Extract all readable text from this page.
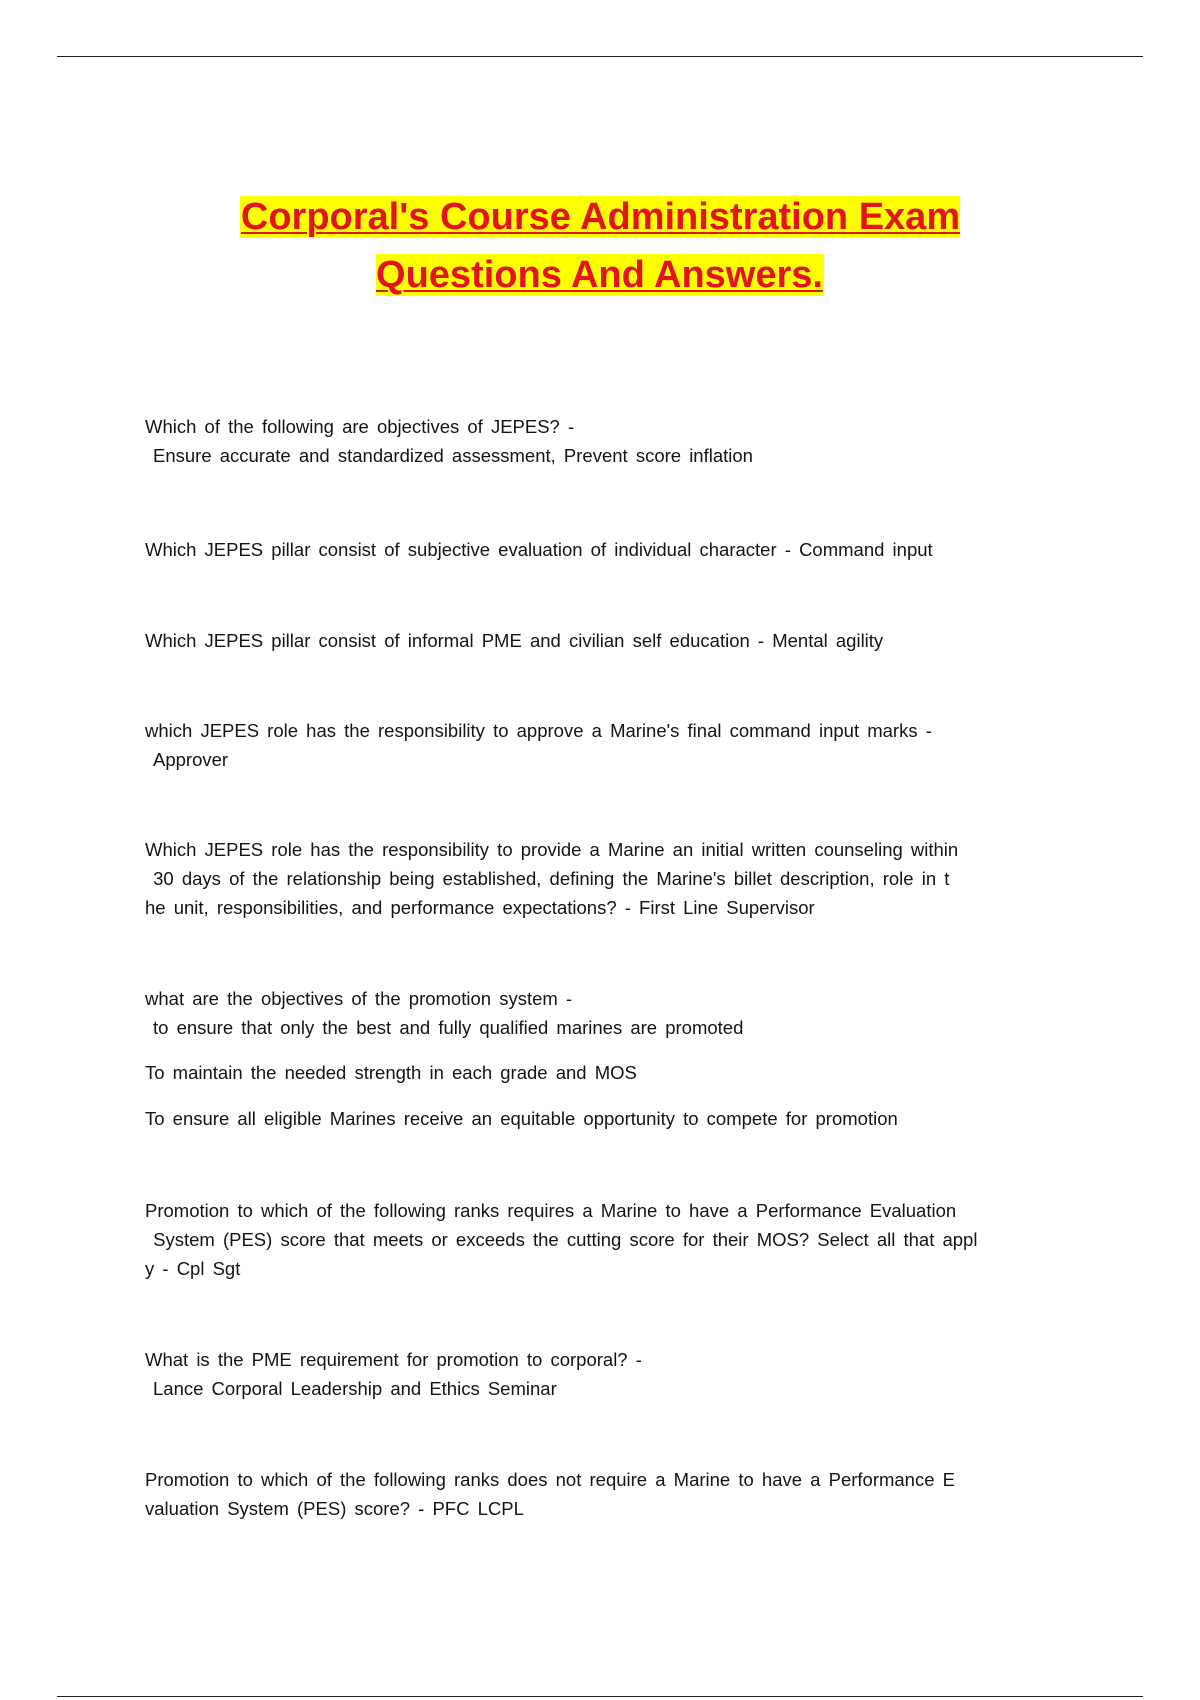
Corporal's Course Administration Exam Questions And Answers.

Which of the following are objectives of JEPES? -
Ensure accurate and standardized assessment, Prevent score inflation

Which JEPES pillar consist of subjective evaluation of individual character - Command input

Which JEPES pillar consist of informal PME and civilian self education - Mental agility

which JEPES role has the responsibility to approve a Marine's final command input marks -
Approver

Which JEPES role has the responsibility to provide a Marine an initial written counseling within
30 days of the relationship being established, defining the Marine's billet description, role in t
he unit, responsibilities, and performance expectations? - First Line Supervisor

what are the objectives of the promotion system -
to ensure that only the best and fully qualified marines are promoted

To maintain the needed strength in each grade and MOS

To ensure all eligible Marines receive an equitable opportunity to compete for promotion

Promotion to which of the following ranks requires a Marine to have a Performance Evaluation
System (PES) score that meets or exceeds the cutting score for their MOS? Select all that appl
y - Cpl Sgt

What is the PME requirement for promotion to corporal? -
Lance Corporal Leadership and Ethics Seminar

Promotion to which of the following ranks does not require a Marine to have a Performance E
valuation System (PES) score? - PFC LCPL
